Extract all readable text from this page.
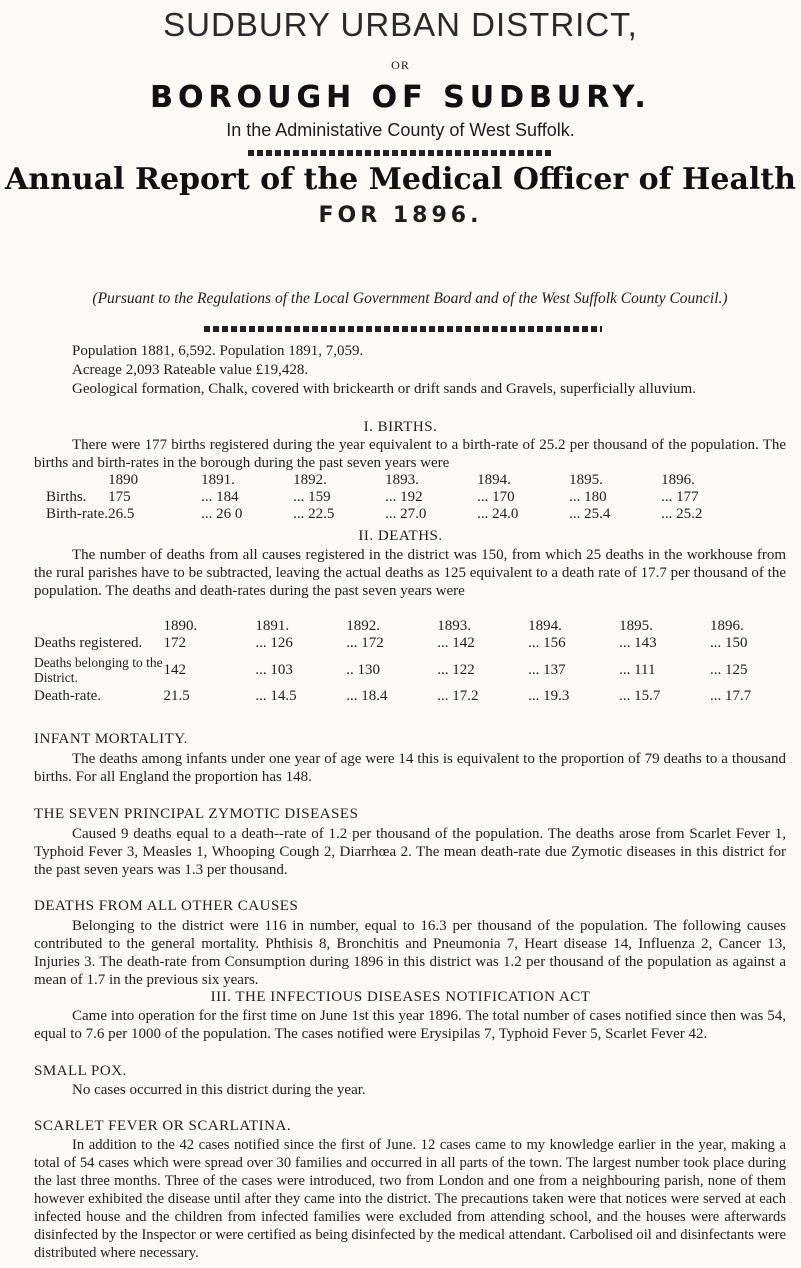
SUDBURY URBAN DISTRICT,
OR
BOROUGH OF SUDBURY.
In the Administative County of West Suffolk.
Annual Report of the Medical Officer of Health
FOR 1896.
(Pursuant to the Regulations of the Local Government Board and of the West Suffolk County Council.)
Population 1881, 6,592. Population 1891, 7,059.
Acreage 2,093 Rateable value £19,428.
Geological formation, Chalk, covered with brickearth or drift sands and Gravels, superficially alluvium.
I. BIRTHS.
There were 177 births registered during the year equivalent to a birth-rate of 25.2 per thousand of the population. The births and birth-rates in the borough during the past seven years were
	1890	1891.	1892.	1893.	1894.	1895.	1896.
Births.	175	... 184	... 159	... 192	... 170	... 180	... 177
Birth-rate.	26.5	... 26 0	... 22.5	... 27.0	... 24.0	... 25.4	... 25.2
II. DEATHS.
The number of deaths from all causes registered in the district was 150, from which 25 deaths in the workhouse from the rural parishes have to be subtracted, leaving the actual deaths as 125 equivalent to a death rate of 17.7 per thousand of the population. The deaths and death-rates during the past seven years were
	1890.	1891.	1892.	1893.	1894.	1895.	1896.
Deaths registered.	172	... 126	... 172	... 142	... 156	... 143	... 150
Deaths belonging to the District.	142	... 103	.. 130	... 122	... 137	... 111	... 125
Death-rate.	21.5	... 14.5	... 18.4	... 17.2	... 19.3	... 15.7	... 17.7
INFANT MORTALITY.
The deaths among infants under one year of age were 14 this is equivalent to the proportion of 79 deaths to a thousand births. For all England the proportion has 148.
THE SEVEN PRINCIPAL ZYMOTIC DISEASES
Caused 9 deaths equal to a death--rate of 1.2 per thousand of the population. The deaths arose from Scarlet Fever 1, Typhoid Fever 3, Measles 1, Whooping Cough 2, Diarrhœa 2. The mean death-rate due Zymotic diseases in this district for the past seven years was 1.3 per thousand.
DEATHS FROM ALL OTHER CAUSES
Belonging to the district were 116 in number, equal to 16.3 per thousand of the population. The following causes contributed to the general mortality. Phthisis 8, Bronchitis and Pneumonia 7, Heart disease 14, Influenza 2, Cancer 13, Injuries 3. The death-rate from Consumption during 1896 in this district was 1.2 per thousand of the population as against a mean of 1.7 in the previous six years.
III. THE INFECTIOUS DISEASES NOTIFICATION ACT
Came into operation for the first time on June 1st this year 1896. The total number of cases notified since then was 54, equal to 7.6 per 1000 of the population. The cases notified were Erysipilas 7, Typhoid Fever 5, Scarlet Fever 42.
SMALL POX.
No cases occurred in this district during the year.
SCARLET FEVER OR SCARLATINA.
In addition to the 42 cases notified since the first of June. 12 cases came to my knowledge earlier in the year, making a total of 54 cases which were spread over 30 families and occurred in all parts of the town. The largest number took place during the last three months. Three of the cases were introduced, two from London and one from a neighbouring parish, none of them however exhibited the disease until after they came into the district. The precautions taken were that notices were served at each infected house and the children from infected families were excluded from attending school, and the houses were afterwards disinfected by the Inspector or were certified as being disinfected by the medical attendant. Carbolised oil and disinfectants were distributed where necessary.
